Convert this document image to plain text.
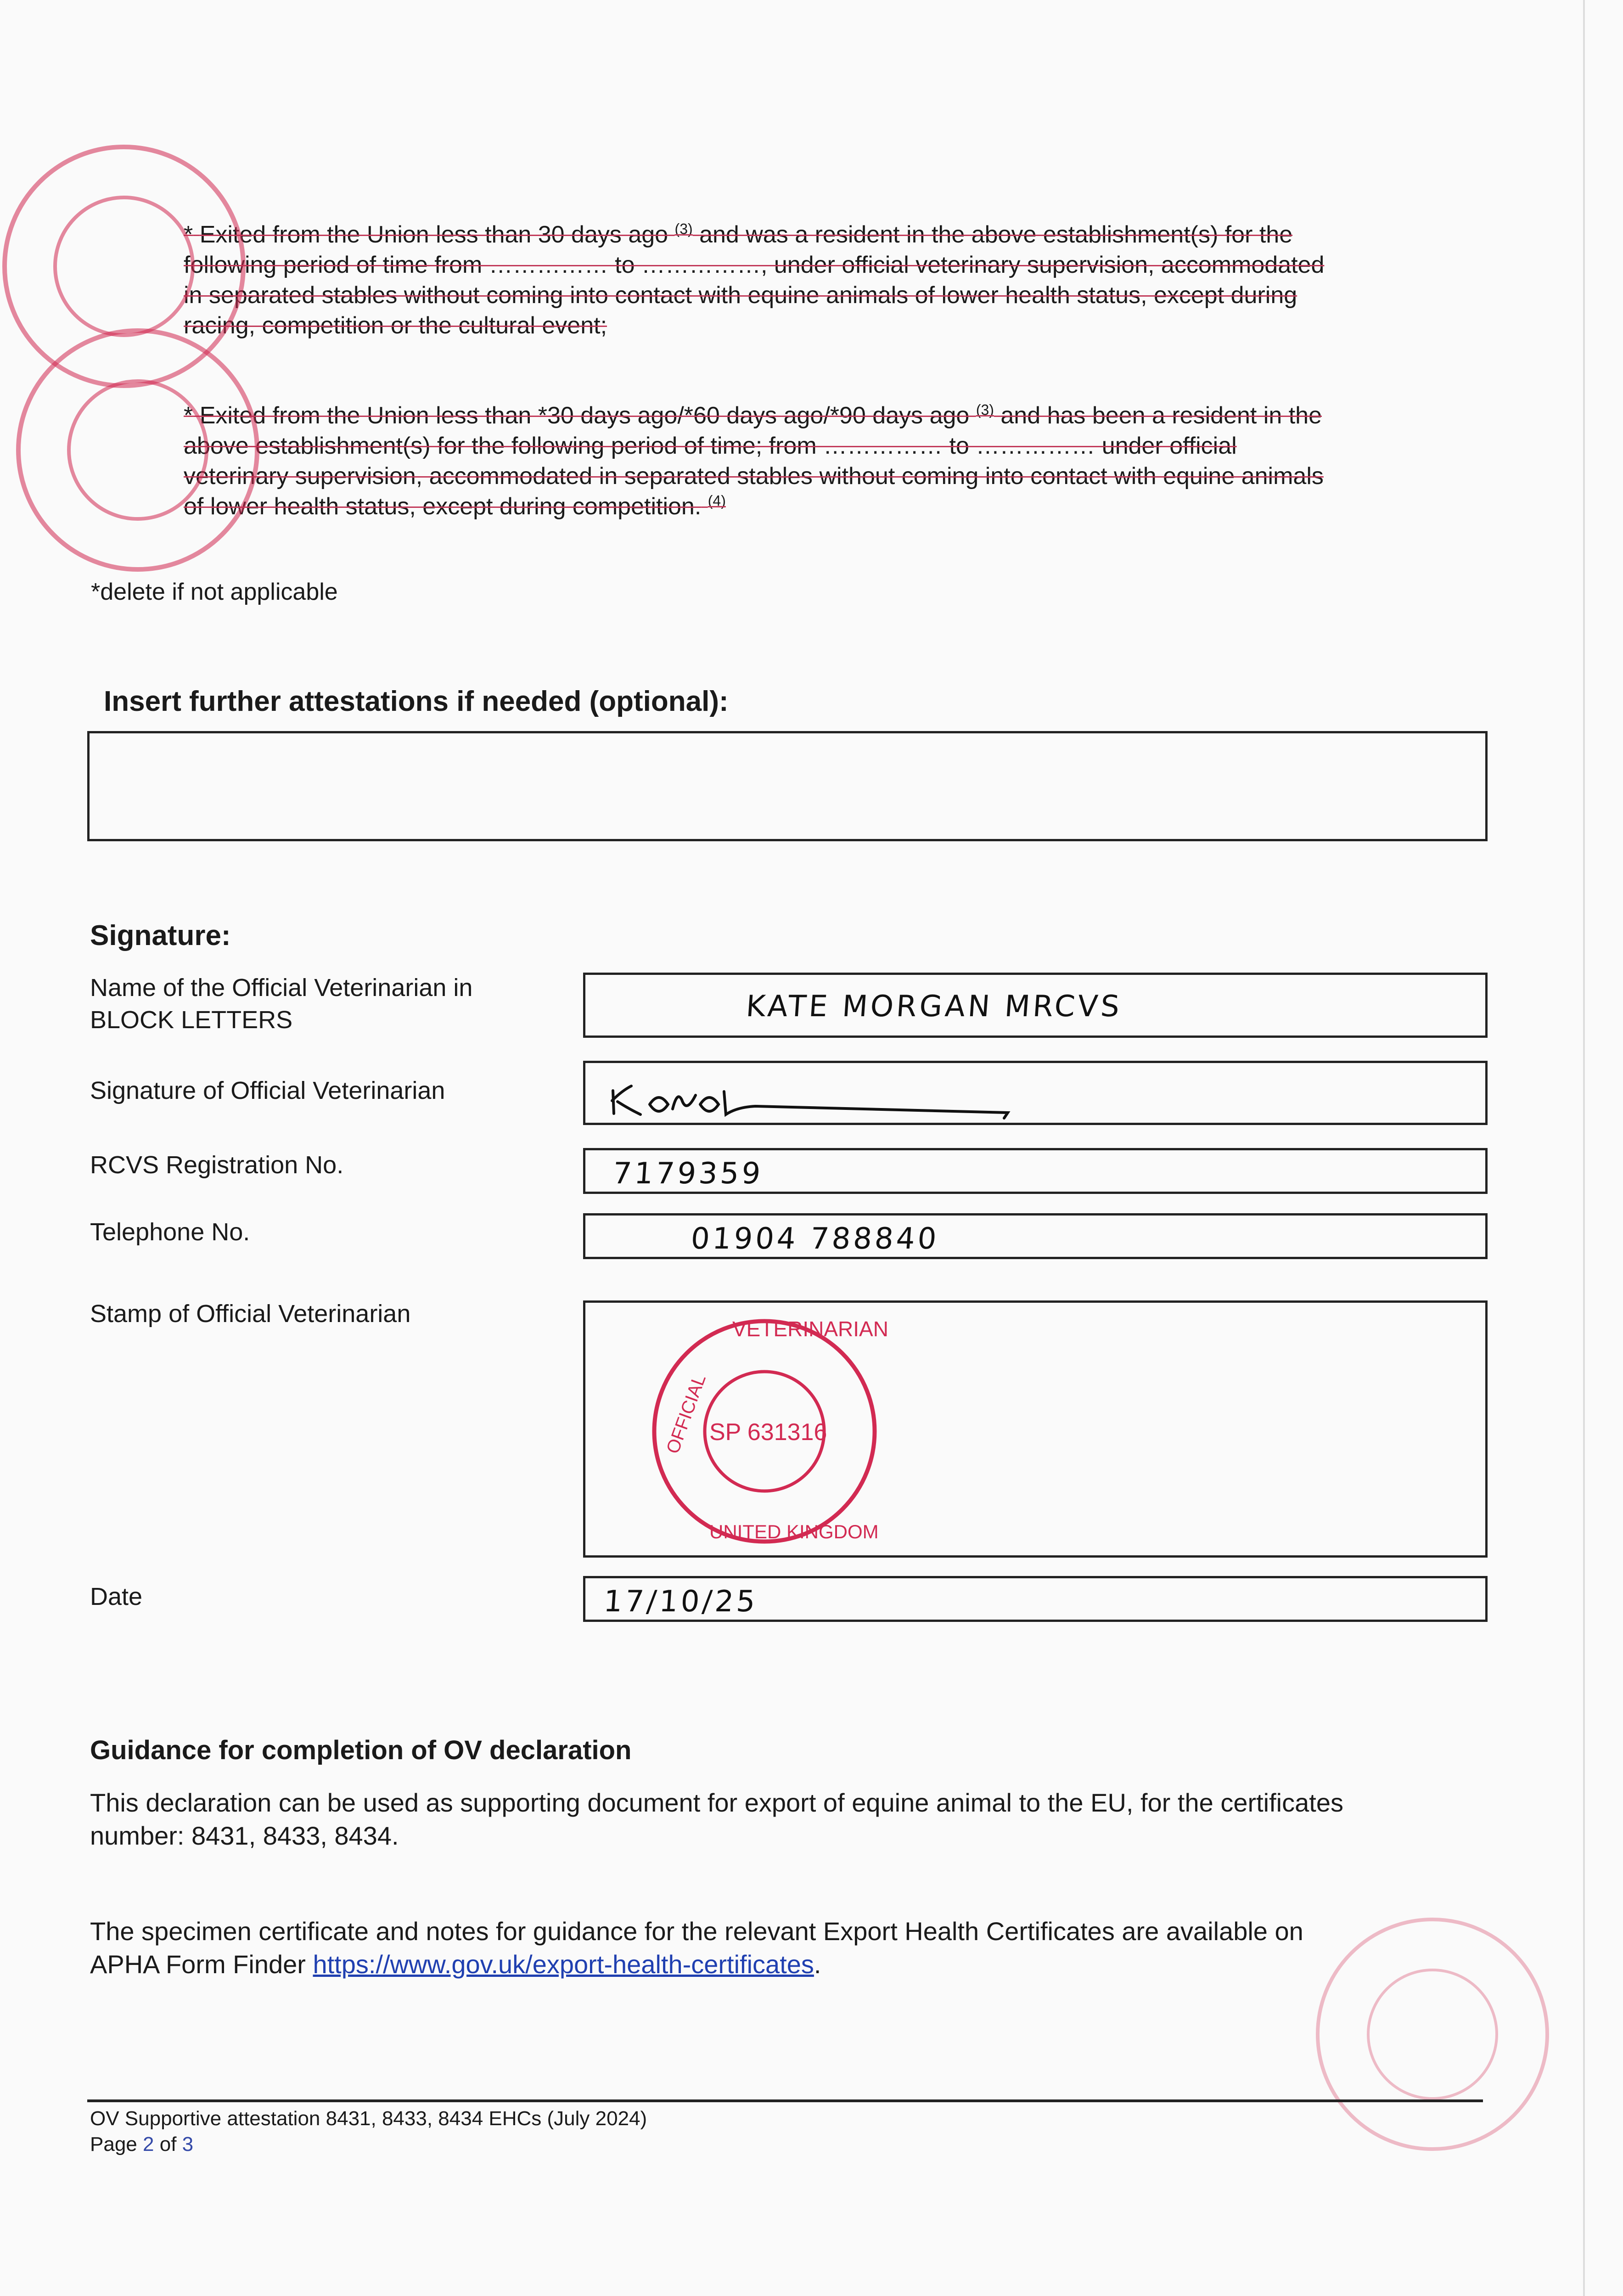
* Exited from the Union less than 30 days ago $^{(3)}$ and was a resident in the above establishment(s) for the
following period of time from …………… to ……………, under official veterinary supervision, accommodated
in separated stables without coming into contact with equine animals of lower health status, except during
racing, competition or the cultural event;
* Exited from the Union less than *30 days ago/*60 days ago/*90 days ago $^{(3)}$ and has been a resident in the
above establishment(s) for the following period of time; from …………… to …………… under official
veterinary supervision, accommodated in separated stables without coming into contact with equine animals
of lower health status, except during competition. $^{(4)}$
*delete if not applicable
Insert further attestations if needed (optional):
Signature:
Name of the Official Veterinarian in
BLOCK LETTERS	KATE MORGAN MRCVS
Signature of Official Veterinarian
RCVS Registration No.	7179359
Telephone No.	01904 788840
Stamp of Official Veterinarian
VETERINARIAN
OFFICIAL
UNITED KINGDOM
SP 631316
Date	17/10/25
Guidance for completion of OV declaration
This declaration can be used as supporting document for export of equine animal to the EU, for the certificates
number: 8431, 8433, 8434.
The specimen certificate and notes for guidance for the relevant Export Health Certificates are available on
APHA Form Finder https://www.gov.uk/export-health-certificates.
OV Supportive attestation 8431, 8433, 8434 EHCs (July 2024)
Page 2 of 3
